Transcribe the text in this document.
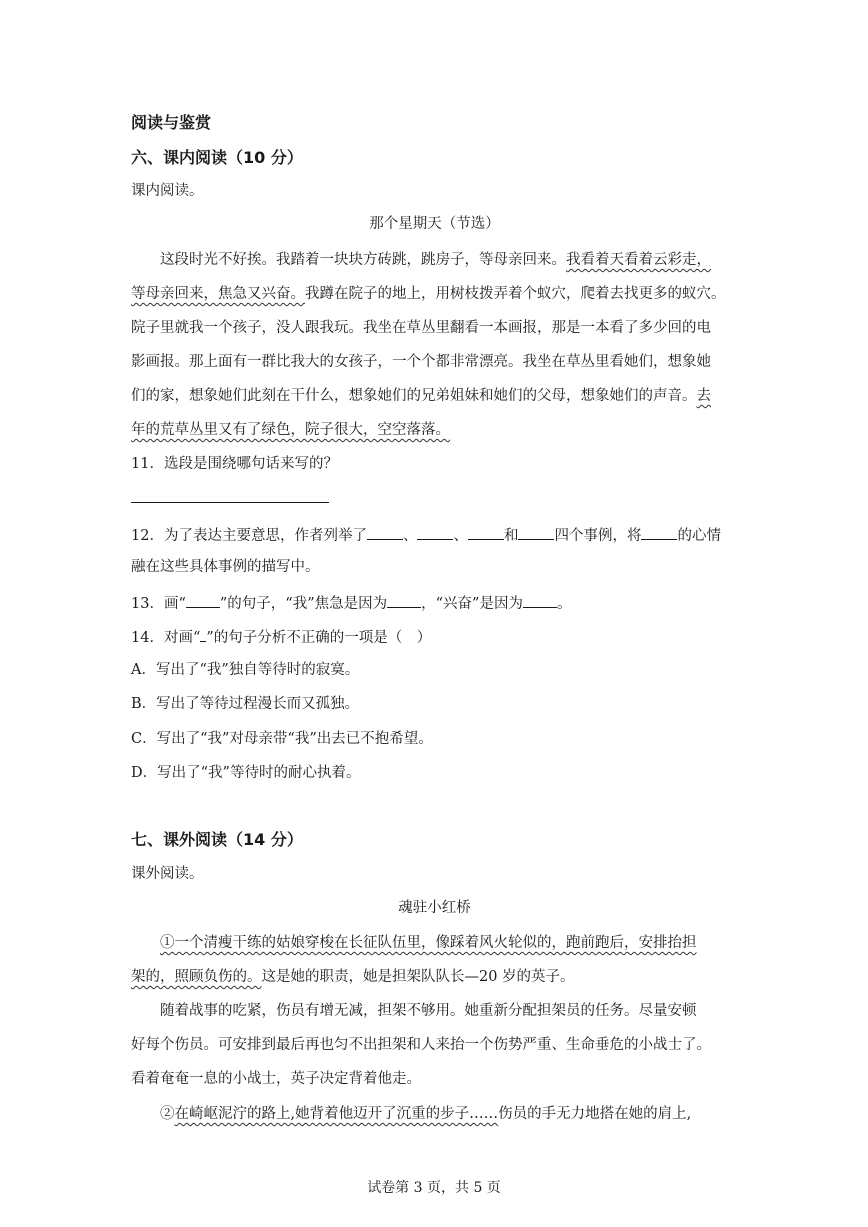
阅读与鉴赏
六、课内阅读（10 分）
课内阅读。
那个星期天（节选）
这段时光不好挨。我踏着一块块方砖跳，跳房子，等母亲回来。我看着天看着云彩走，
等母亲回来，焦急又兴奋。我蹲在院子的地上，用树枝拨弄着个蚁穴，爬着去找更多的蚁穴。
院子里就我一个孩子，没人跟我玩。我坐在草丛里翻看一本画报，那是一本看了多少回的电
影画报。那上面有一群比我大的女孩子，一个个都非常漂亮。我坐在草丛里看她们，想象她
们的家，想象她们此刻在干什么，想象她们的兄弟姐妹和她们的父母，想象她们的声音。去
年的荒草丛里又有了绿色，院子很大，空空落落。
11．选段是围绕哪句话来写的？
12．为了表达主要意思，作者列举了 、 、 和 四个事例，将 的心情
融在这些具体事例的描写中。
13．画“ ”的句子，“我”焦急是因为 ，“兴奋”是因为 。
14．对画“ ”的句子分析不正确的一项是（　）
A．写出了“我”独自等待时的寂寞。
B．写出了等待过程漫长而又孤独。
C．写出了“我”对母亲带“我”出去已不抱希望。
D．写出了“我”等待时的耐心执着。
七、课外阅读（14 分）
课外阅读。
魂驻小红桥
①一个清瘦干练的姑娘穿梭在长征队伍里，像踩着风火轮似的，跑前跑后，安排抬担
架的，照顾负伤的。这是她的职责，她是担架队队长—20 岁的英子。
随着战事的吃紧，伤员有增无减，担架不够用。她重新分配担架员的任务。尽量安顿
好每个伤员。可安排到最后再也匀不出担架和人来抬一个伤势严重、生命垂危的小战士了。
看着奄奄一息的小战士，英子决定背着他走。
②在崎岖泥泞的路上,她背着他迈开了沉重的步子……伤员的手无力地搭在她的肩上,
试卷第 3 页，共 5 页
